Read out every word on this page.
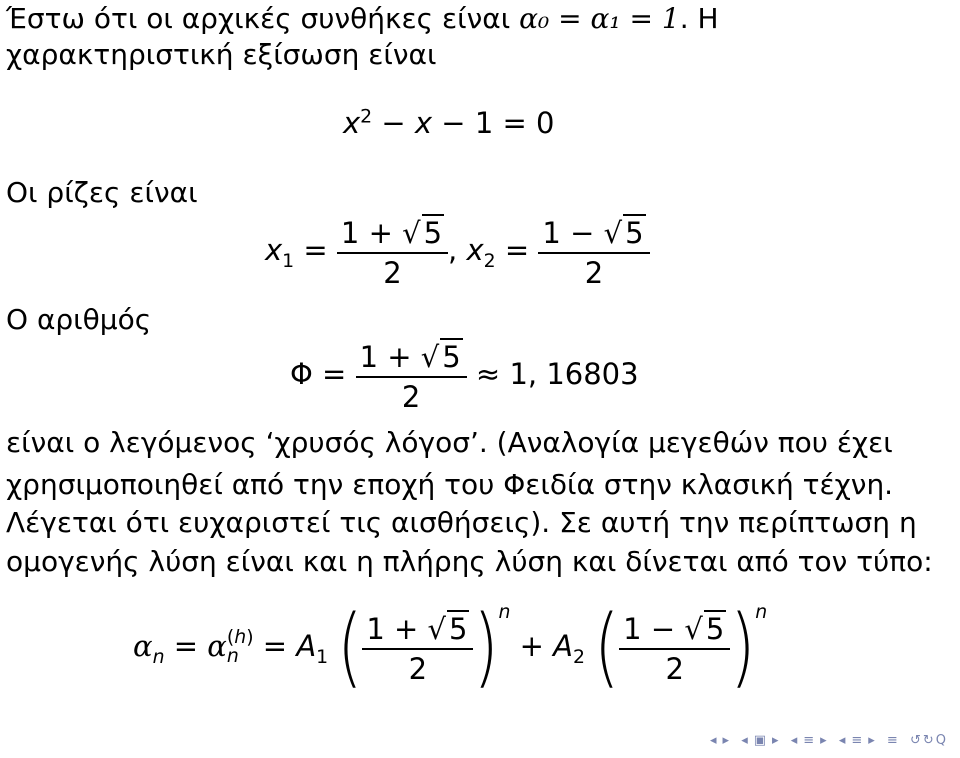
Έστω ότι οι αρχικές συνθήκες είναι α₀ = α₁ = 1. Η
χαρακτηριστική εξίσωση είναι
$x^2 - x - 1 = 0$
Οι ρίζες είναι
$x_1 = \frac{1 + √ 5}{2}$ , $x_2 = \frac{1 - √ 5}{2}$
Ο αριθμός
$\Phi = \frac{1 + √ 5}{2} \approx 1$, 16803
είναι ο λεγόμενος ‘χρυσός λόγοσ’. (Αναλογία μεγεθών που έχει
χρησιμοποιηθεί από την εποχή του Φειδία στην κλασική τέχνη.
Λέγεται ότι ευχαριστεί τις αισθήσεις). Σε αυτή την περίπτωση η
ομογενής λύση είναι και η πλήρης λύση και δίνεται από τον τύπο:
$\alpha_n = \alpha$ (h)
$n = A_1$ ( $\frac{1 + √ 5}{2} )^n + A_2$ ( $\frac{1 - √ 5}{2} )^n$
◂ ▸ ◂ ▣ ▸ ◂ ≡ ▸ ◂ ≡ ▸ ≡ ↺↻Q
